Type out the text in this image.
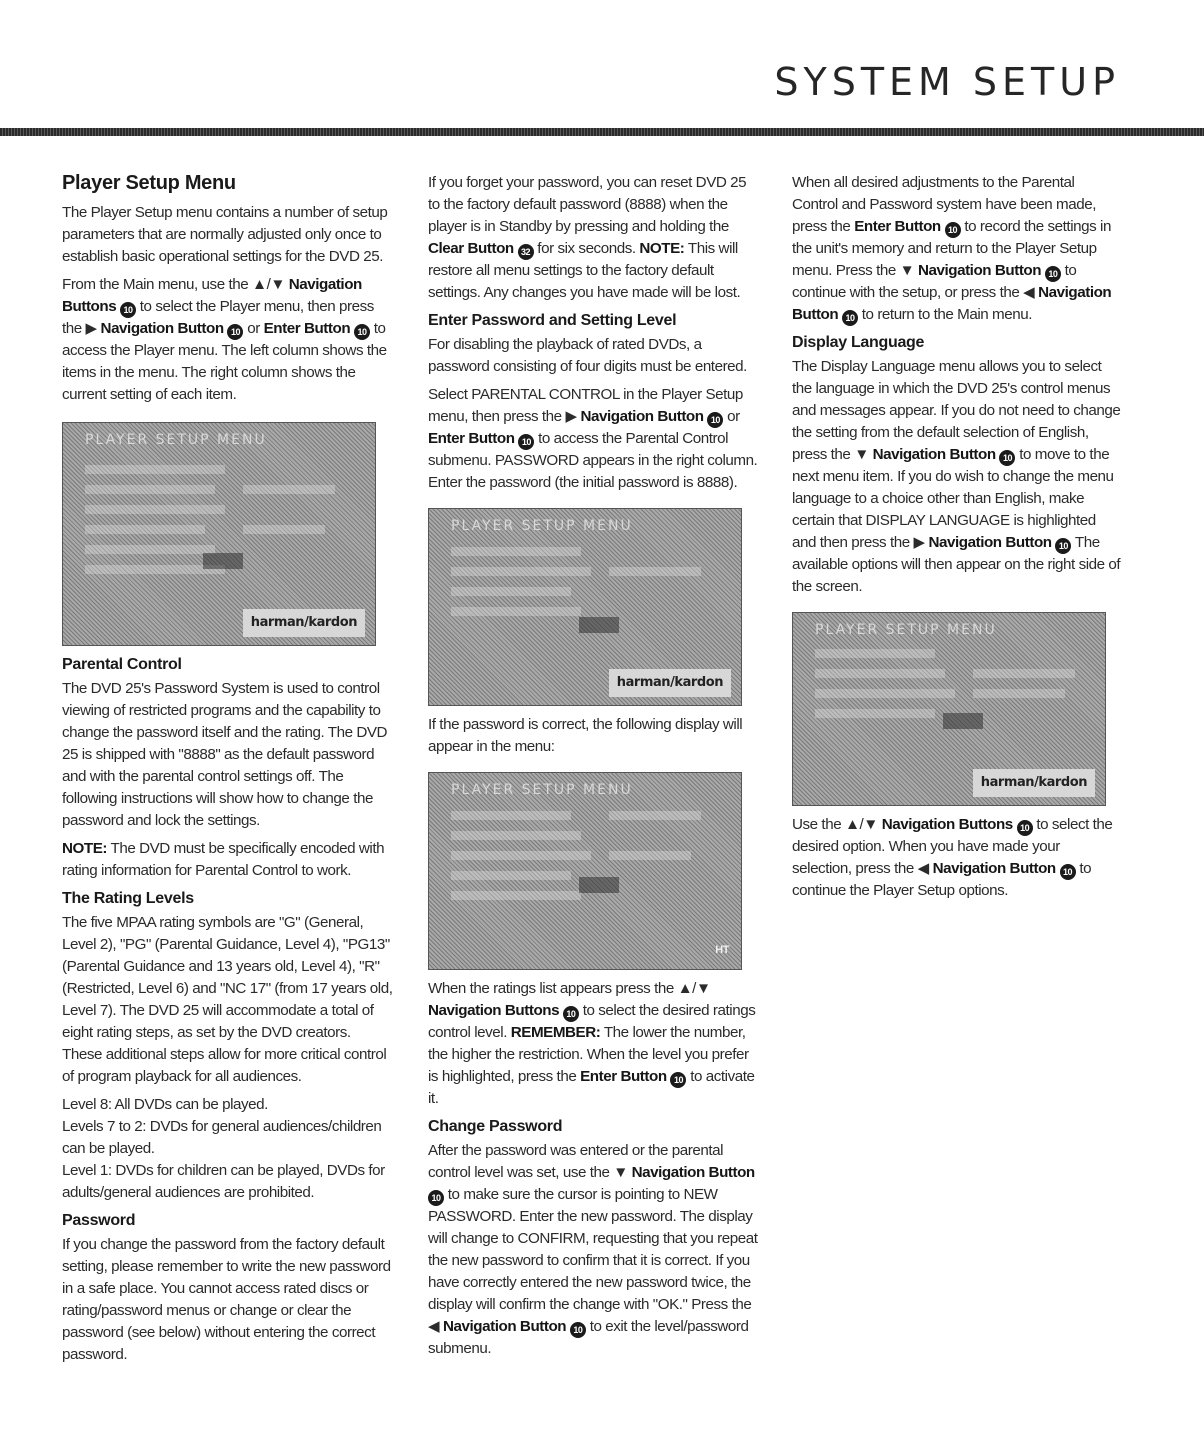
SYSTEM SETUP
Player Setup Menu

The Player Setup menu contains a number of setup parameters that are normally adjusted only once to establish basic operational settings for the DVD 25.

From the Main menu, use the ▲/▼ Navigation Buttons 10 to select the Player menu, then press the ▶ Navigation Button 10 or Enter Button 10 to access the Player menu. The left column shows the items in the menu. The right column shows the current setting of each item.

PLAYER SETUP MENU
harman/kardon
Parental Control

The DVD 25's Password System is used to control viewing of restricted programs and the capability to change the password itself and the rating. The DVD 25 is shipped with "8888" as the default password and with the parental control settings off. The following instructions will show how to change the password and lock the settings.

NOTE: The DVD must be specifically encoded with rating information for Parental Control to work.

The Rating Levels

The five MPAA rating symbols are "G" (General, Level 2), "PG" (Parental Guidance, Level 4), "PG13" (Parental Guidance and 13 years old, Level 4), "R" (Restricted, Level 6) and "NC 17" (from 17 years old, Level 7). The DVD 25 will accommodate a total of eight rating steps, as set by the DVD creators. These additional steps allow for more critical control of program playback for all audiences.

Level 8: All DVDs can be played.

Levels 7 to 2: DVDs for general audiences/children can be played.

Level 1: DVDs for children can be played, DVDs for adults/general audiences are prohibited.

Password

If you change the password from the factory default setting, please remember to write the new password in a safe place. You cannot access rated discs or rating/password menus or change or clear the password (see below) without entering the correct password.

If you forget your password, you can reset DVD 25 to the factory default password (8888) when the player is in Standby by pressing and holding the Clear Button 32 for six seconds. NOTE: This will restore all menu settings to the factory default settings. Any changes you have made will be lost.

Enter Password and Setting Level

For disabling the playback of rated DVDs, a password consisting of four digits must be entered.

Select PARENTAL CONTROL in the Player Setup menu, then press the ▶ Navigation Button 10 or Enter Button 10 to access the Parental Control submenu. PASSWORD appears in the right column. Enter the password (the initial password is 8888).

PLAYER SETUP MENU
harman/kardon

If the password is correct, the following display will appear in the menu:

PLAYER SETUP MENU
HT

When the ratings list appears press the ▲/▼ Navigation Buttons 10 to select the desired ratings control level. REMEMBER: The lower the number, the higher the restriction. When the level you prefer is highlighted, press the Enter Button 10 to activate it.

Change Password

After the password was entered or the parental control level was set, use the ▼ Navigation Button 10 to make sure the cursor is pointing to NEW PASSWORD. Enter the new password. The display will change to CONFIRM, requesting that you repeat the new password to confirm that it is correct. If you have correctly entered the new password twice, the display will confirm the change with "OK." Press the ◀ Navigation Button 10 to exit the level/password submenu.

When all desired adjustments to the Parental Control and Password system have been made, press the Enter Button 10 to record the settings in the unit's memory and return to the Player Setup menu. Press the ▼ Navigation Button 10 to continue with the setup, or press the ◀ Navigation Button 10 to return to the Main menu.

Display Language

The Display Language menu allows you to select the language in which the DVD 25's control menus and messages appear. If you do not need to change the setting from the default selection of English, press the ▼ Navigation Button 10 to move to the next menu item. If you do wish to change the menu language to a choice other than English, make certain that DISPLAY LANGUAGE is highlighted and then press the ▶ Navigation Button 10 The available options will then appear on the right side of the screen.

PLAYER SETUP MENU
harman/kardon

Use the ▲/▼ Navigation Buttons 10 to select the desired option. When you have made your selection, press the ◀ Navigation Button 10 to continue the Player Setup options.
